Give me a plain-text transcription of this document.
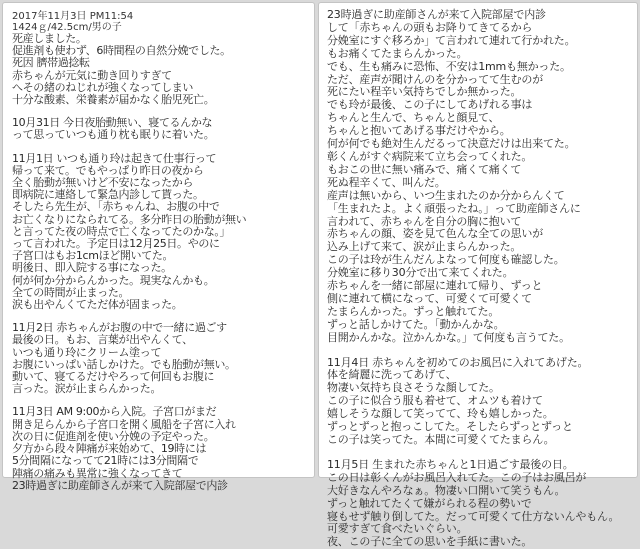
2017年11月3日 PM11:54
1424ｇ/42.5cm/男の子
死産しました。
促進剤も使わず、6時間程の自然分娩でした。
死因 臍帯過捻転
赤ちゃんが元気に動き回りすぎて
へその緒のねじれが強くなってしまい
十分な酸素、栄養素が届かなく胎児死亡。
10月31日 今日夜胎動無い、寝てるんかな
って思っていつも通り枕も眠りに着いた。
11月1日 いつも通り玲は起きて仕事行って
帰って来て。でもやっぱり昨日の夜から
全く胎動が無いけど不安になったから
即病院に連絡して緊急内診して貰った。
そしたら先生が、「赤ちゃんね、お腹の中で
お亡くなりになられてる。多分昨日の胎動が無い
と言ってた夜の時点で亡くなってたのかな。」
って言われた。予定日は12月25日。やのに
子宮口はもお1cmほど開いてた。
明後日、即入院する事になった。
何が何か分からんかった。現実なんかも。
全ての時間が止まった。
涙も出やんくてただ体が固まった。
11月2日 赤ちゃんがお腹の中で一緒に過ごす
最後の日。もお、言葉が出やんくて、
いつも通り玲にクリーム塗って
お腹にいっぱい話しかけた。でも胎動が無い。
動いて、寝てるだけやろって何回もお腹に
言った。涙が止まらんかった。
11月3日 AM 9:00から入院。子宮口がまだ
開き足らんから子宮口を開く風船を子宮に入れ
次の日に促進剤を使い分娩の予定やった。
夕方から段々陣痛が来始めて、19時には
5分間隔になってて21時には3分間隔で
陣痛の痛みも異常に強くなってきて
23時過ぎに助産師さんが来て入院部屋で内診
23時過ぎに助産師さんが来て入院部屋で内診
して「赤ちゃんの頭もお降りてきてるから
分娩室にすぐ移ろか」て言われて連れて行かれた。
もお痛くてたまらんかった。
でも、生も痛みに恐怖、不安は1mmも無かった。
ただ、産声が聞けんのを分かってて生むのが
死にたい程辛い気持ちでしか無かった。
でも玲が最後、この子にしてあげれる事は
ちゃんと生んで、ちゃんと顔見て、
ちゃんと抱いてあげる事だけやから。
何が何でも絶対生んだるって決意だけは出来てた。
彰くんがすぐ病院来て立ち会ってくれた。
もおこの世に無い痛みで、痛くて痛くて
死ぬ程辛くて、叫んだ。
産声は無いから、いつ生まれたのか分からんくて
「生まれたよ。よく頑張ったね。」って助産師さんに
言われて、赤ちゃんを自分の胸に抱いて
赤ちゃんの顔、姿を見て色んな全ての思いが
込み上げて来て、涙が止まらんかった。
この子は玲が生んだんよなって何度も確認した。
分娩室に移り30分で出て来てくれた。
赤ちゃんを一緒に部屋に連れて帰り、ずっと
側に連れて横になって、可愛くて可愛くて
たまらんかった。ずっと触れてた。
ずっと話しかけてた。「動かんかな。
目開かんかな。泣かんかな。」て何度も言うてた。
11月4日 赤ちゃんを初めてのお風呂に入れてあげた。
体を綺麗に洗ってあげて、
物凄い気持ち良さそうな顔してた。
この子に似合う服も着せて、オムツも着けて
嬉しそうな顔して笑ってて、玲も嬉しかった。
ずっとずっと抱っこしてた。そしたらずっとずっと
この子は笑ってた。本間に可愛くてたまらん。
11月5日 生まれた赤ちゃんと1日過ごす最後の日。
この日は彰くんがお風呂入れてた。この子はお風呂が
大好きなんやろなぁ。物凄い口開いて笑うもん。
ずっと触れてたくて嫌がられる程の勢いで
寝もせず触り倒してた。だって可愛くて仕方ないんやもん。
可愛すぎて食べたいぐらい。
夜、この子に全ての思いを手紙に書いた。
